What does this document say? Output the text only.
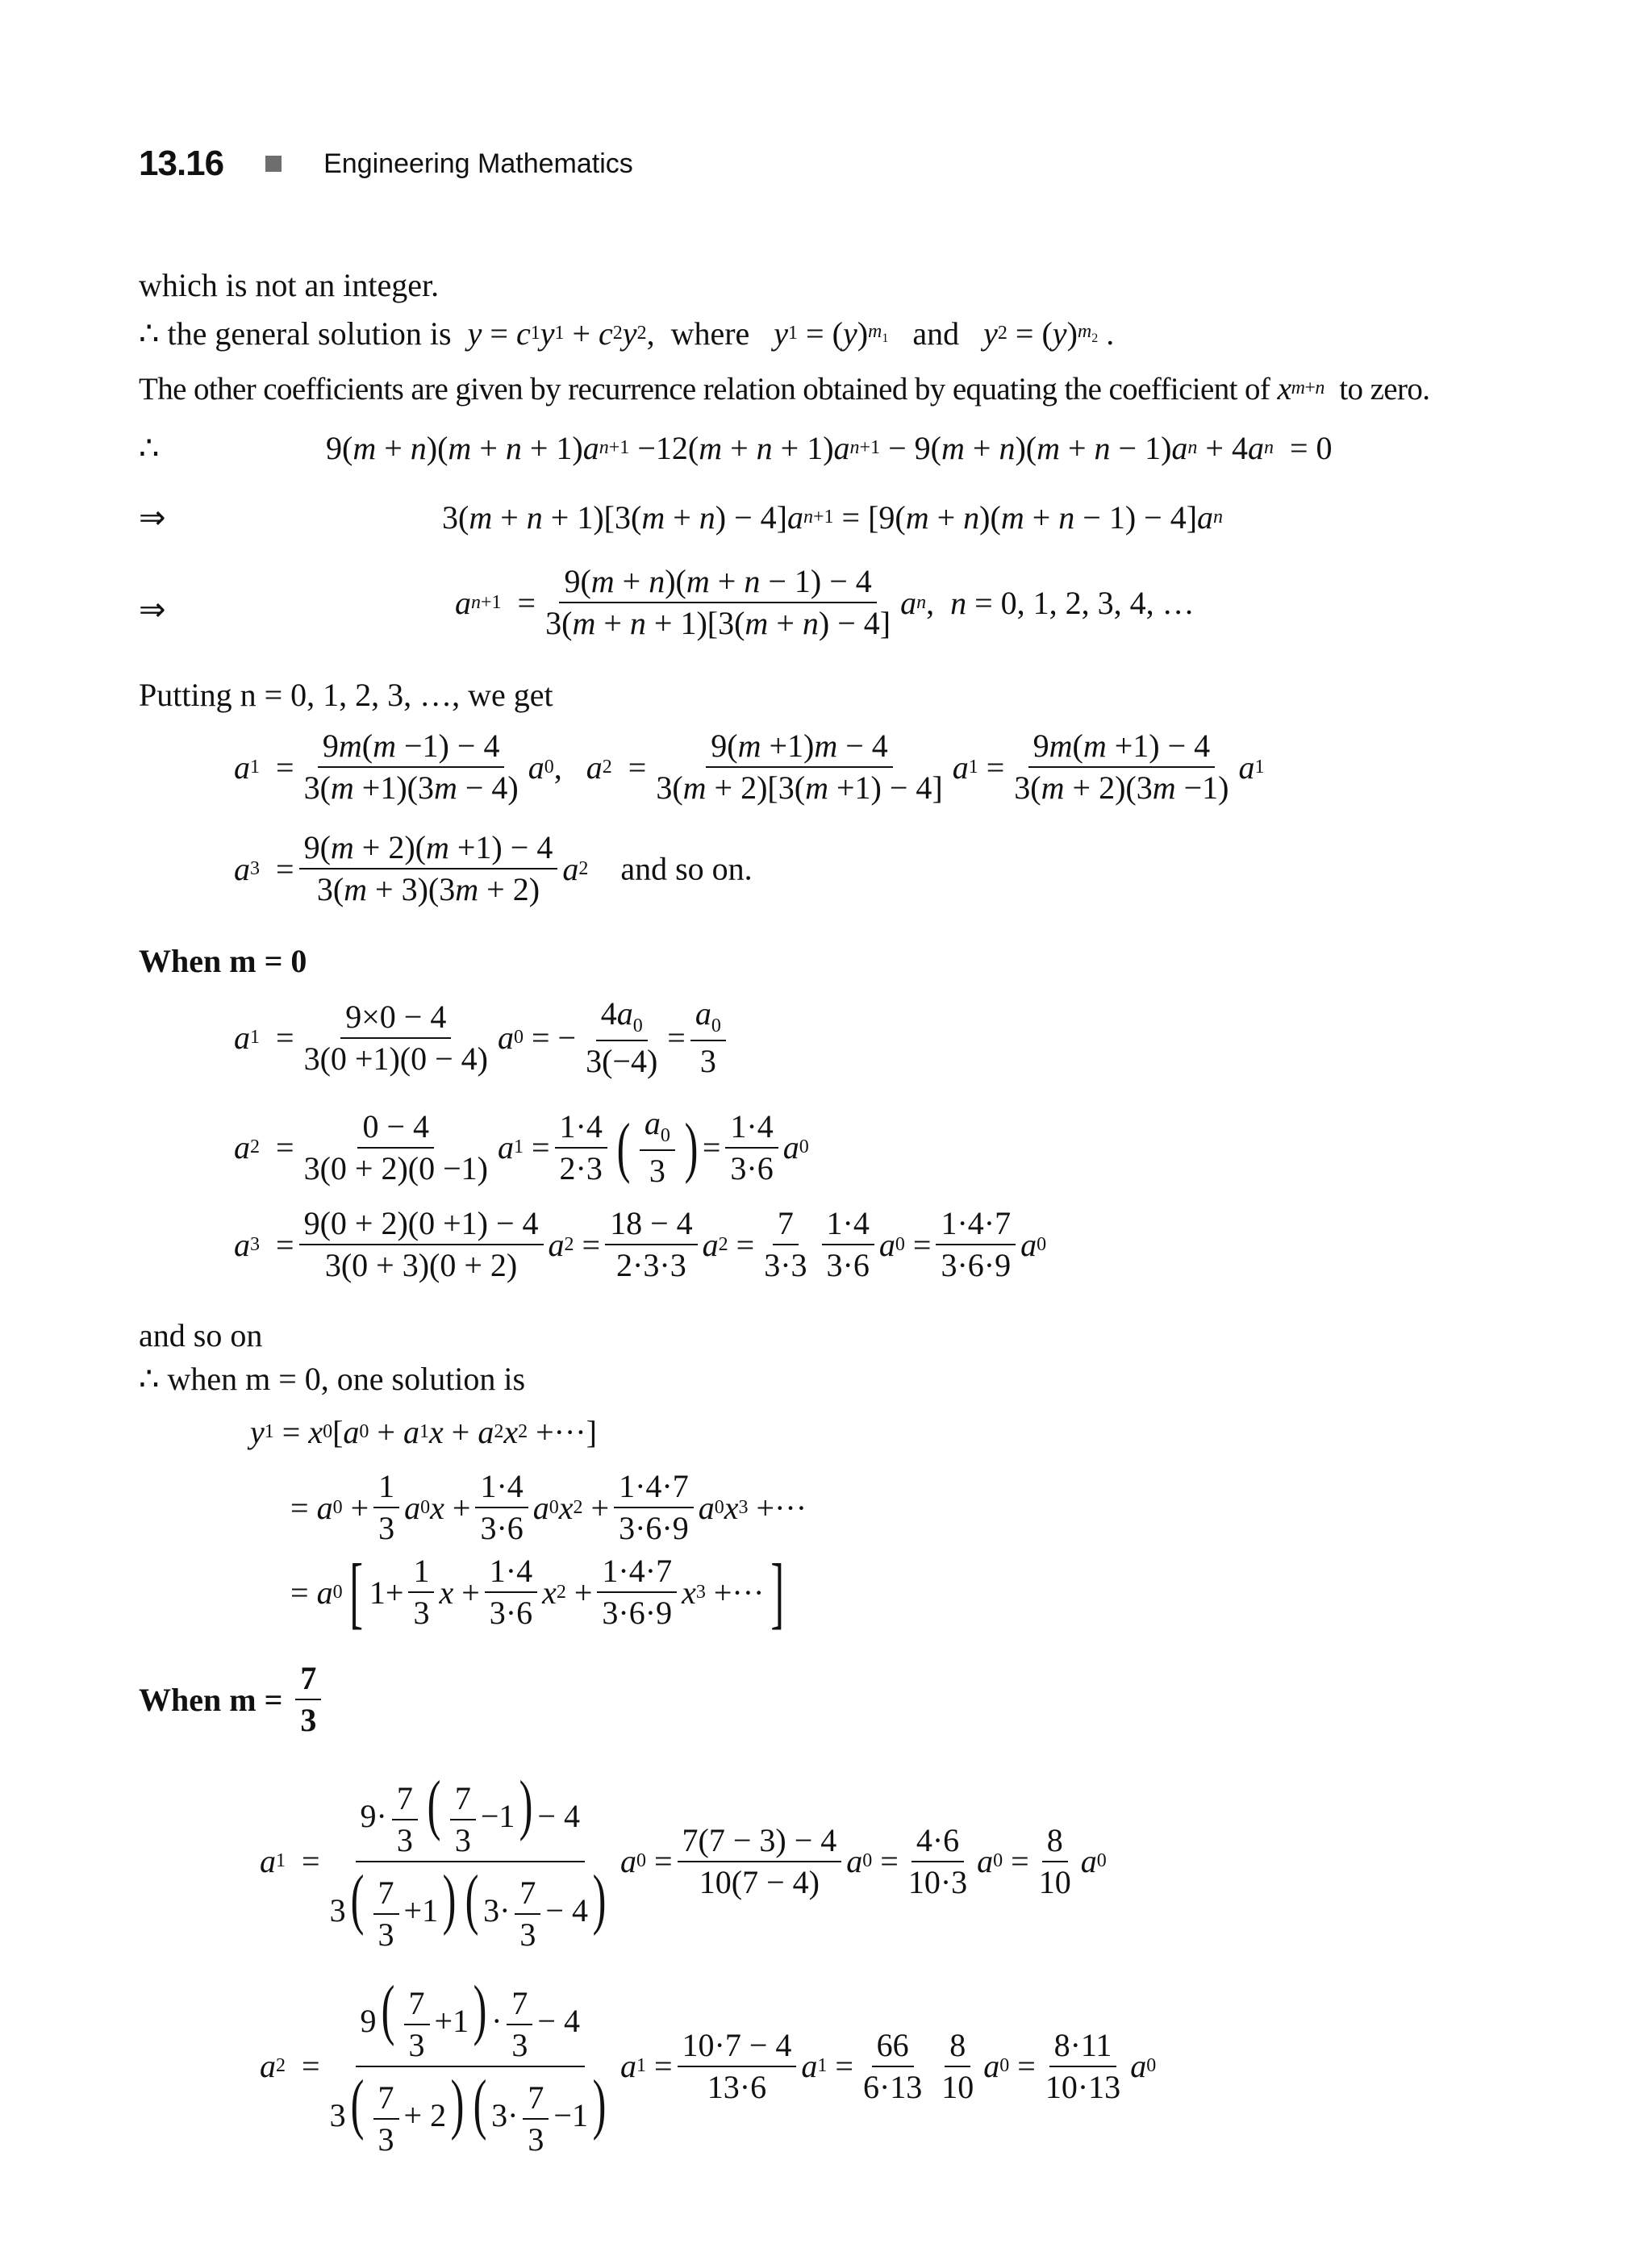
13.16	Engineering Mathematics
which is not an integer.
∴ the general solution is y = c 1 y 1 + c 2 y 2 ,  where y 1 = ( y ) $m_1$ and y 2 = ( y ) $m_2$ .
The other coefficients are given by recurrence relation obtained by equating the coefficient of x m+n to zero.
∴	9( m + n )( m + n + 1) a n+1 −12( m + n + 1) a n+1 − 9( m + n )( m + n − 1) a n + 4 a n = 0
⇒	3( m + n + 1)[3( m + n ) − 4] a n+1 = [9( m + n )( m + n − 1) − 4] a n
⇒	a $n+1 = \frac{9(m + n)(m + n - 1) - 4}{3(m + n + 1)[3(m + n) - 4]}$ a n , n = 0, 1, 2, 3, 4, …
Putting n = 0, 1, 2, 3, …, we get
a $1 = \frac{9m(m -1) - 4}{3(m +1)(3m - 4)}$ a 0 , a $2 = \frac{9(m +1)m - 4}{3(m + 2)[3(m +1) - 4]}$ a $1 = \frac{9m(m +1) - 4}{3(m + 2)(3m -1)}$ a 1
a $3 = \frac{9(m + 2)(m +1) - 4}{3(m + 3)(3m + 2)}$ a 2 and so on.
When m = 0
a $1 = \frac{9\times 0 - 4}{3(0 +1)(0 - 4)}$ a 0 = − $\frac{4a_0}{3(-4)} = \frac{a_0}{3}$
a $2 = \frac{0 - 4}{3(0 + 2)(0 -1)}$ a $1 = \frac{1\cdot 4}{2\cdot 3}$ ( $\frac{a_0}{3}$ ) = $\frac{1\cdot 4}{3\cdot 6}$ a 0
a $3 = \frac{9(0 + 2)(0 +1) - 4}{3(0 + 3)(0 + 2)}$ a $2 = \frac{18 - 4}{2\cdot 3\cdot 3}$ a $2 = \frac{7}{3\cdot 3} \frac{1\cdot 4}{3\cdot 6}$ a $0 = \frac{1\cdot 4\cdot 7}{3\cdot 6\cdot 9}$ a 0
and so on
∴ when m = 0, one solution is
y 1 = x 0 [ a 0 + a 1 x + a 2 x 2 +···]
= a $0 + \frac{1}{3}$ a 0 $x + \frac{1\cdot 4}{3\cdot 6}$ a 0 x $2 + \frac{1\cdot 4\cdot 7}{3\cdot 6\cdot 9}$ a 0 x 3 +···
= a 0 [ $1+ \frac{1}{3}$ $x + \frac{1\cdot 4}{3\cdot 6}$ x $2 + \frac{1\cdot 4\cdot 7}{3\cdot 6\cdot 9}$ x 3 +··· ]
When m =
$\frac{7}{3}$
a $1 = \frac{9\cdot \frac{7}{3} ( \frac{7}{3} -1) - 4}{3( \frac{7}{3} +1) ( 3\cdot \frac{7}{3} - 4)}$ a $0 = \frac{7(7 - 3) - 4}{10(7 - 4)}$ a $0 = \frac{4\cdot 6}{10\cdot 3}$ a $0 = \frac{8}{10}$ a 0
a $2 = \frac{9( \frac{7}{3} +1) \cdot \frac{7}{3} - 4}{3( \frac{7}{3} + 2) ( 3\cdot \frac{7}{3} -1)}$ a $1 = \frac{10\cdot 7 - 4}{13\cdot 6}$ a $1 = \frac{66}{6\cdot 13} \frac{8}{10}$ a $0 = \frac{8\cdot 11}{10\cdot 13}$ a 0
